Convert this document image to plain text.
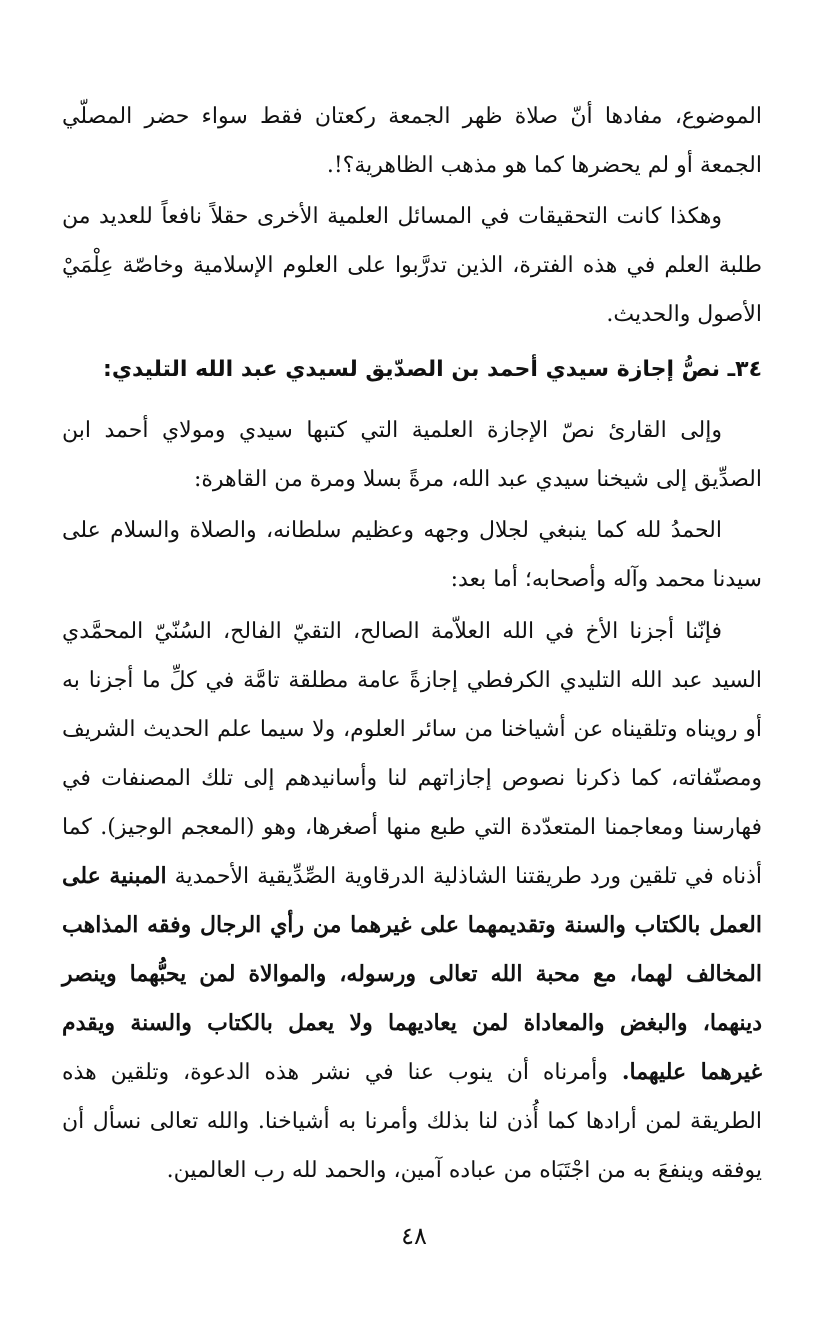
الموضوع، مفادها أنّ صلاة ظهر الجمعة ركعتان فقط سواء حضر المصلّي الجمعة أو لم يحضرها كما هو مذهب الظاهرية؟!.

وهكذا كانت التحقيقات في المسائل العلمية الأخرى حقلاً نافعاً للعديد من طلبة العلم في هذه الفترة، الذين تدرَّبوا على العلوم الإسلامية وخاصّة عِلْمَيْ الأصول والحديث.

٣٤ـ نصُّ إجازة سيدي أحمد بن الصدّيق لسيدي عبد الله التليدي:

وإلى القارئ نصّ الإجازة العلمية التي كتبها سيدي ومولاي أحمد ابن الصدِّيق إلى شيخنا سيدي عبد الله، مرةً بسلا ومرة من القاهرة:

الحمدُ لله كما ينبغي لجلال وجهه وعظيم سلطانه، والصلاة والسلام على سيدنا محمد وآله وأصحابه؛ أما بعد:

فإنّنا أجزنا الأخ في الله العلاّمة الصالح، التقيّ الفالح، السُنّيّ المحمَّدي السيد عبد الله التليدي الكرفطي إجازةً عامة مطلقة تامَّة في كلِّ ما أجزنا به أو رويناه وتلقيناه عن أشياخنا من سائر العلوم، ولا سيما علم الحديث الشريف ومصنّفاته، كما ذكرنا نصوص إجازاتهم لنا وأسانيدهم إلى تلك المصنفات في فهارسنا ومعاجمنا المتعدّدة التي طبع منها أصغرها، وهو (المعجم الوجيز). كما أذناه في تلقين ورد طريقتنا الشاذلية الدرقاوية الصِّدِّيقية الأحمدية المبنية على العمل بالكتاب والسنة وتقديمهما على غيرهما من رأي الرجال وفقه المذاهب المخالف لهما، مع محبة الله تعالى ورسوله، والموالاة لمن يحبُّهما وينصر دينهما، والبغض والمعاداة لمن يعاديهما ولا يعمل بالكتاب والسنة ويقدم غيرهما عليهما. وأمرناه أن ينوب عنا في نشر هذه الدعوة، وتلقين هذه الطريقة لمن أرادها كما أُذن لنا بذلك وأمرنا به أشياخنا. والله تعالى نسأل أن يوفقه وينفعَ به من اجْتَبَاه من عباده آمين، والحمد لله رب العالمين.

٤٨
